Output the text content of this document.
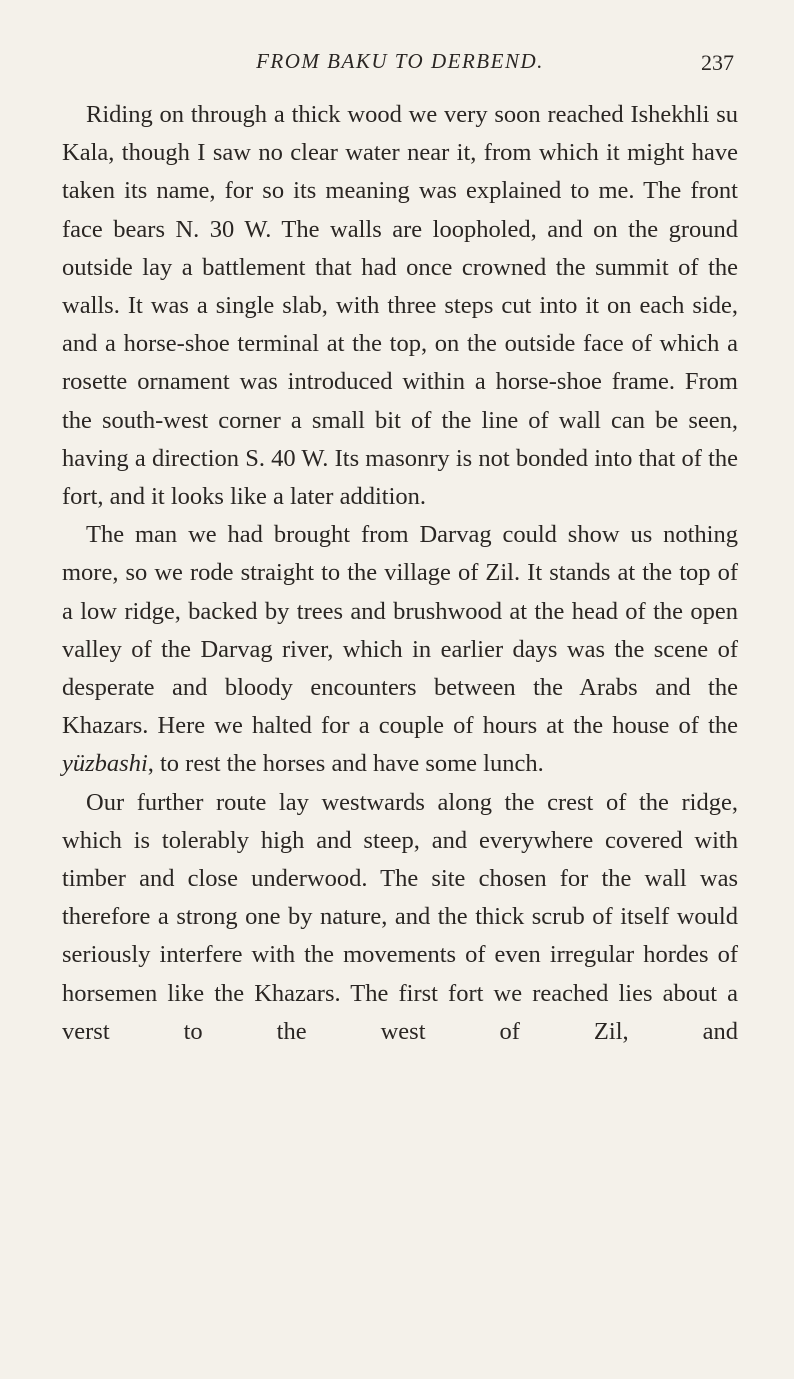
FROM BAKU TO DERBEND.	237

Riding on through a thick wood we very soon reached Ishekhli su Kala, though I saw no clear water near it, from which it might have taken its name, for so its meaning was explained to me. The front face bears N. 30 W. The walls are loopholed, and on the ground outside lay a battlement that had once crowned the summit of the walls. It was a single slab, with three steps cut into it on each side, and a horse-shoe terminal at the top, on the outside face of which a rosette ornament was introduced within a horse-shoe frame. From the south-west corner a small bit of the line of wall can be seen, having a direction S. 40 W. Its masonry is not bonded into that of the fort, and it looks like a later addition.

The man we had brought from Darvag could show us nothing more, so we rode straight to the village of Zil. It stands at the top of a low ridge, backed by trees and brushwood at the head of the open valley of the Darvag river, which in earlier days was the scene of desperate and bloody encounters between the Arabs and the Khazars. Here we halted for a couple of hours at the house of the yüzbashi, to rest the horses and have some lunch.

Our further route lay westwards along the crest of the ridge, which is tolerably high and steep, and everywhere covered with timber and close underwood. The site chosen for the wall was therefore a strong one by nature, and the thick scrub of itself would seriously interfere with the movements of even irregular hordes of horsemen like the Khazars. The first fort we reached lies about a verst to the west of Zil, and
